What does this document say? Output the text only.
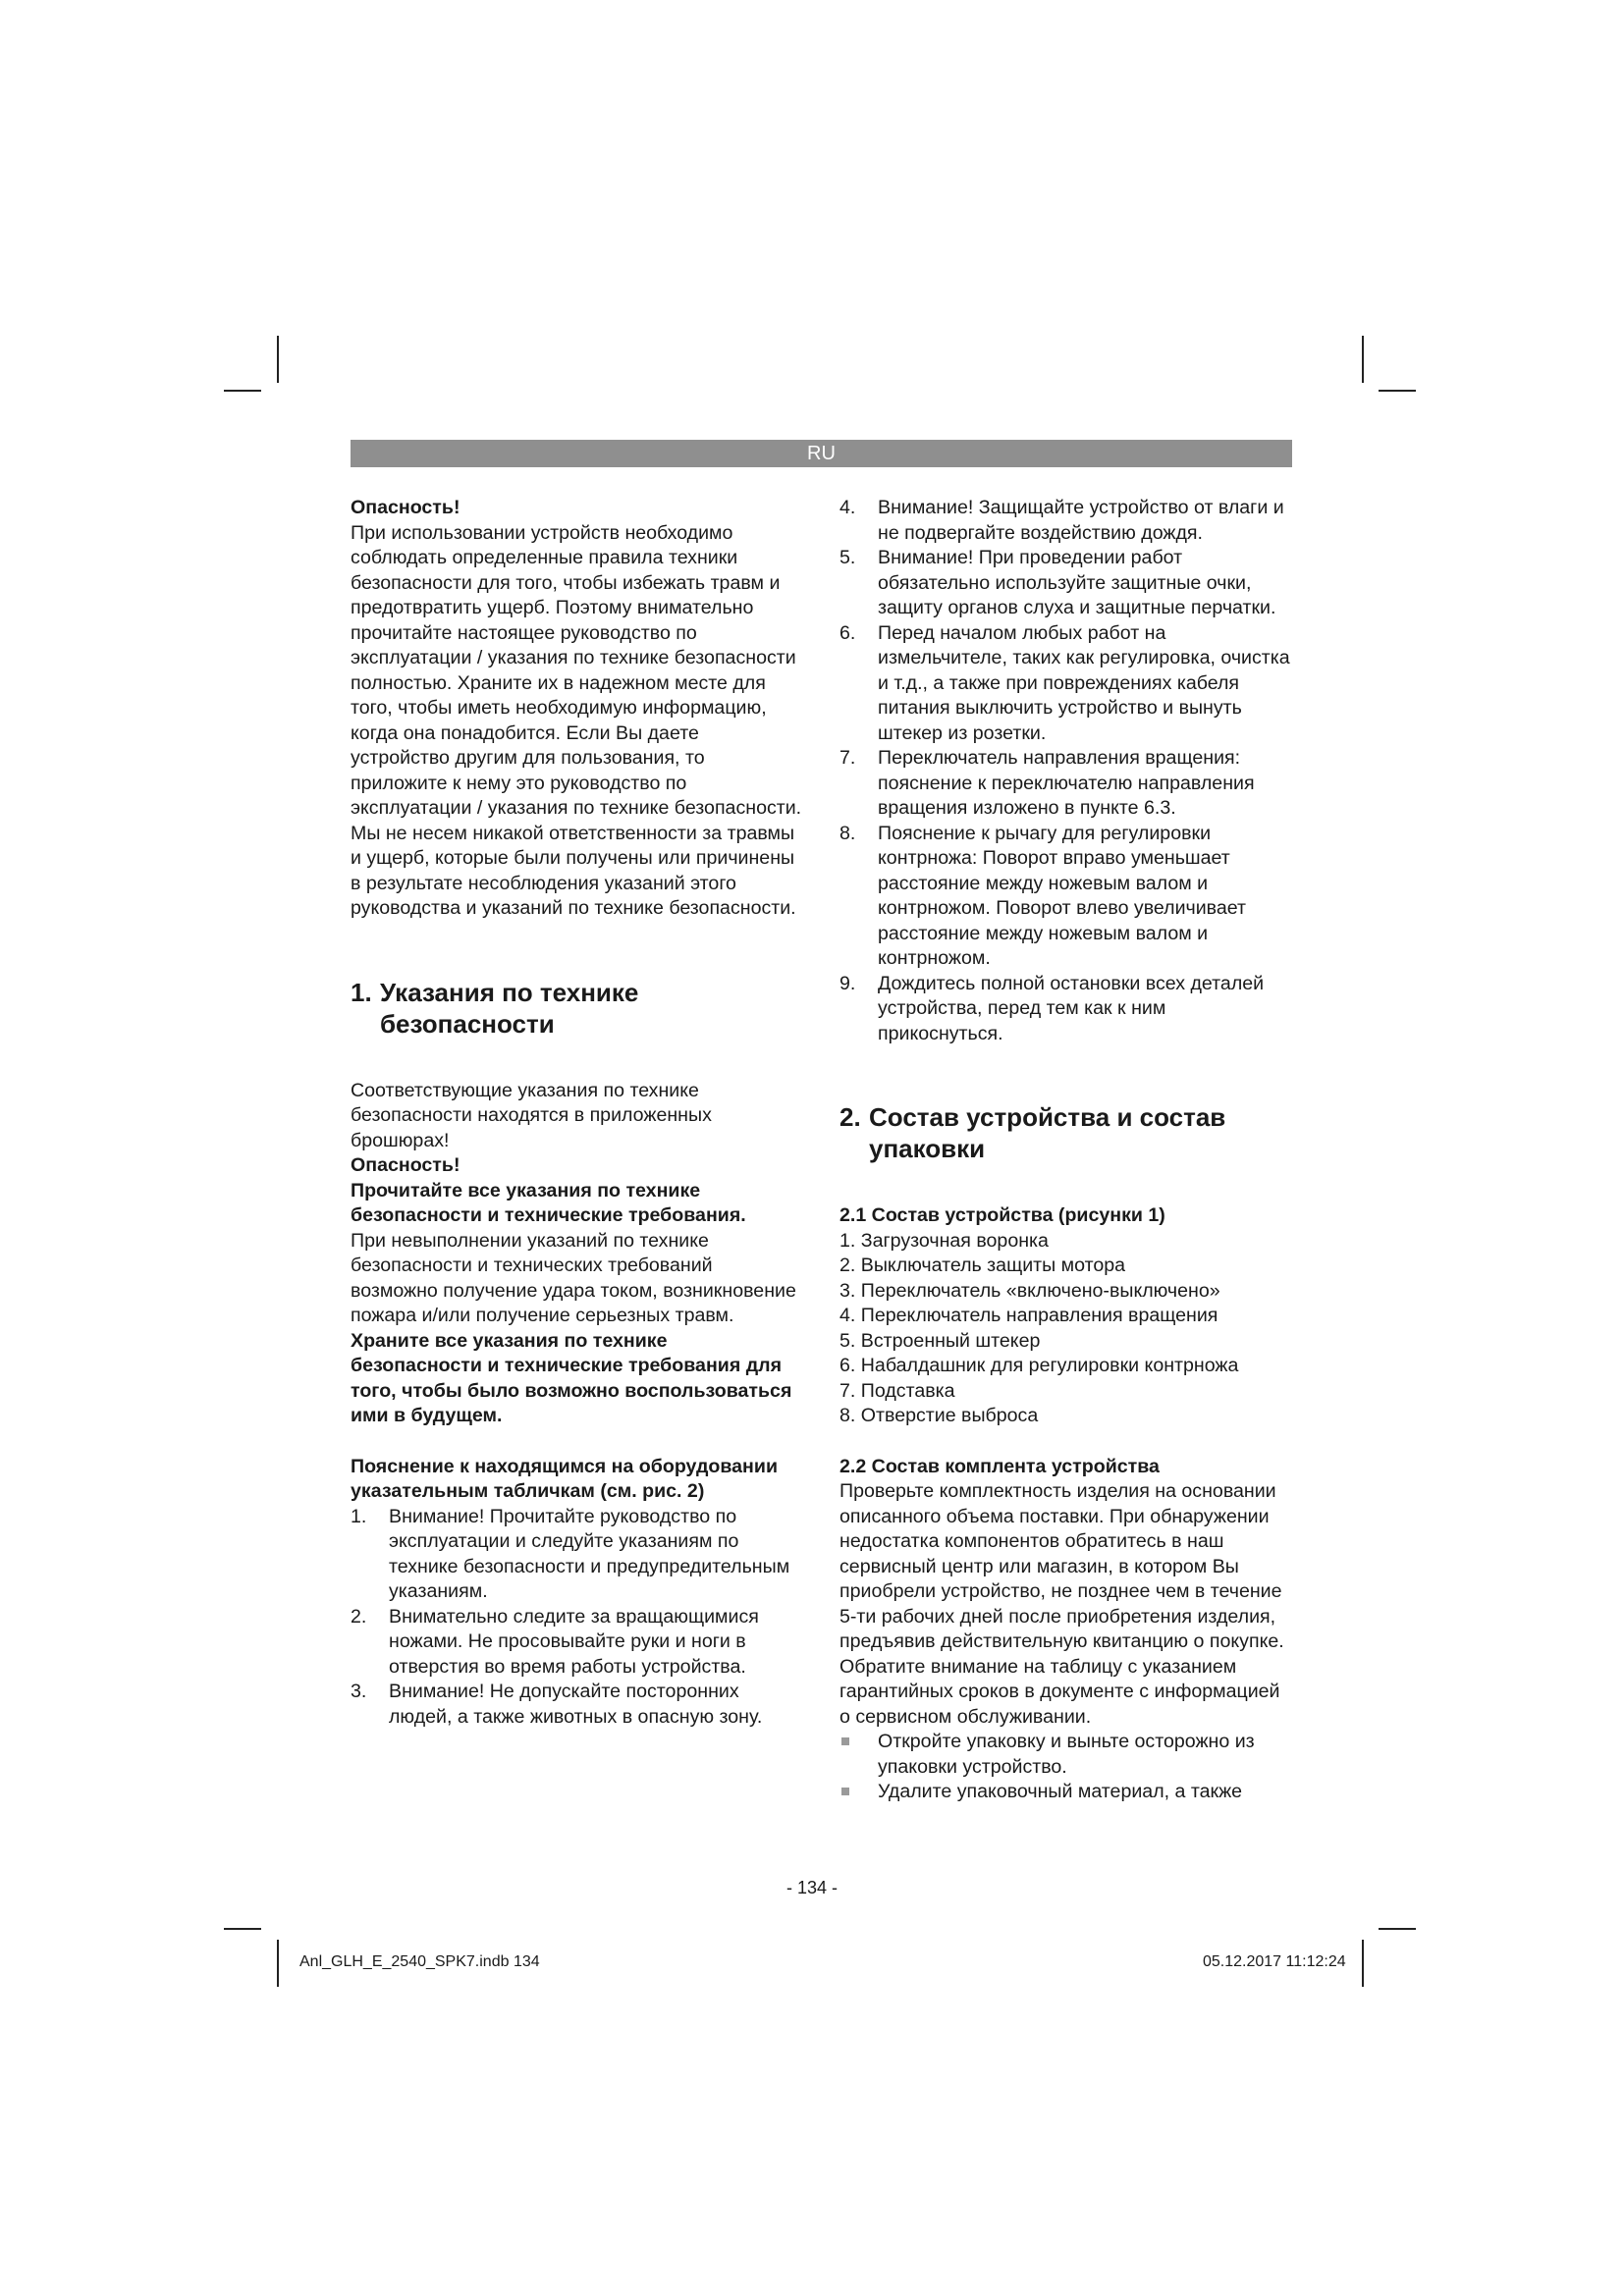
RU

Опасность!

При использовании устройств необходимо соблюдать определенные правила техники безопасности для того, чтобы избежать травм и предотвратить ущерб. Поэтому внимательно прочитайте настоящее руководство по эксплуатации / указания по технике безопасности полностью. Храните их в надежном месте для того, чтобы иметь необходимую информацию, когда она понадобится. Если Вы даете устройство другим для пользования, то приложите к нему это руководство по эксплуатации / указания по технике безопасности. Мы не несем никакой ответственности за травмы и ущерб, которые были получены или причинены в результате несоблюдения указаний этого руководства и указаний по технике безопасности.

1. Указания по технике
безопасности

Соответствующие указания по технике безопасности находятся в приложенных брошюрах!

Опасность!

Прочитайте все указания по технике безопасности и технические требования.

При невыполнении указаний по технике безопасности и технических требований возможно получение удара током, возникновение пожара и/или получение серьезных травм. Храните все указания по технике безопасности и технические требования для того, чтобы было возможно воспользоваться ими в будущем.

Пояснение к находящимся на оборудовании указательным табличкам (см. рис. 2)

1. Внимание! Прочитайте руководство по эксплуатации и следуйте указаниям по технике безопасности и предупредительным указаниям.
2. Внимательно следите за вращающимися ножами. Не просовывайте руки и ноги в отверстия во время работы устройства.
3. Внимание! Не допускайте посторонних людей, а также животных в опасную зону.
4. Внимание! Защищайте устройство от влаги и не подвергайте воздействию дождя.
5. Внимание! При проведении работ обязательно используйте защитные очки, защиту органов слуха и защитные перчатки.
6. Перед началом любых работ на измельчителе, таких как регулировка, очистка и т.д., а также при повреждениях кабеля питания выключить устройство и вынуть штекер из розетки.
7. Переключатель направления вращения: пояснение к переключателю направления вращения изложено в пункте 6.3.
8. Пояснение к рычагу для регулировки контрножа: Поворот вправо уменьшает расстояние между ножевым валом и контрножом. Поворот влево увеличивает расстояние между ножевым валом и контрножом.
9. Дождитесь полной остановки всех деталей устройства, перед тем как к ним прикоснуться.
2. Состав устройства и состав
упаковки

2.1 Состав устройства (рисунки 1)

1. Загрузочная воронка
2. Выключатель защиты мотора
3. Переключатель «включено-выключено»
4. Переключатель направления вращения
5. Встроенный штекер
6. Набалдашник для регулировки контрножа
7. Подставка
8. Отверстие выброса

2.2 Состав комплента устройства

Проверьте комплектность изделия на основании описанного объема поставки. При обнаружении недостатка компонентов обратитесь в наш сервисный центр или магазин, в котором Вы приобрели устройство, не позднее чем в течение 5-ти рабочих дней после приобретения изделия, предъявив действительную квитанцию о покупке. Обратите внимание на таблицу с указанием гарантийных сроков в документе с информацией о сервисном обслуживании.

Откройте упаковку и выньте осторожно из упаковки устройство.
Удалите упаковочный материал, а также
- 134 -
Anl_GLH_E_2540_SPK7.indb 134	05.12.2017 11:12:24
